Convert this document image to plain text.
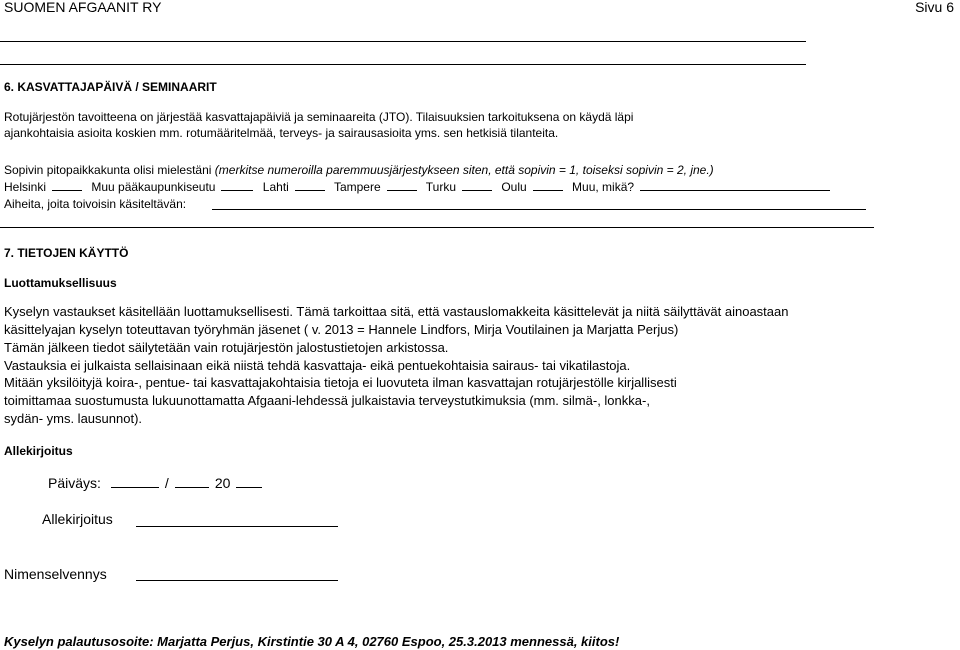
SUOMEN AFGAANIT RY	Sivu 6
6. KASVATTAJAPÄIVÄ / SEMINAARIT
Rotujärjestön tavoitteena on järjestää kasvattajapäiviä ja seminaareita (JTO). Tilaisuuksien tarkoituksena on käydä läpi
ajankohtaisia asioita koskien mm. rotumääritelmää, terveys- ja sairausasioita yms. sen hetkisiä tilanteita.
Sopivin pitopaikkakunta olisi mielestäni (merkitse numeroilla paremmuusjärjestykseen siten, että sopivin = 1, toiseksi sopivin = 2, jne.)
Helsinki	Muu pääkaupunkiseutu	Lahti	Tampere	Turku	Oulu	Muu, mikä?
Aiheita, joita toivoisin käsiteltävän:
7. TIETOJEN KÄYTTÖ
Luottamuksellisuus
Kyselyn vastaukset käsitellään luottamuksellisesti. Tämä tarkoittaa sitä, että vastauslomakkeita käsittelevät ja niitä säilyttävät ainoastaan
käsittelyajan kyselyn toteuttavan työryhmän jäsenet ( v. 2013 = Hannele Lindfors, Mirja Voutilainen ja Marjatta Perjus)
Tämän jälkeen tiedot säilytetään vain rotujärjestön jalostustietojen arkistossa.
Vastauksia ei julkaista sellaisinaan eikä niistä tehdä kasvattaja- eikä pentuekohtaisia sairaus- tai vikatilastoja.
Mitään yksilöityjä koira-, pentue- tai kasvattajakohtaisia tietoja ei luovuteta ilman kasvattajan rotujärjestölle kirjallisesti
toimittamaa suostumusta lukuunottamatta Afgaani-lehdessä julkaistavia terveystutkimuksia (mm. silmä-, lonkka-,
sydän- yms. lausunnot).
Allekirjoitus
Päiväys:	/	20
Allekirjoitus
Nimenselvennys
Kyselyn palautusosoite: Marjatta Perjus, Kirstintie 30 A 4, 02760 Espoo, 25.3.2013 mennessä, kiitos!
